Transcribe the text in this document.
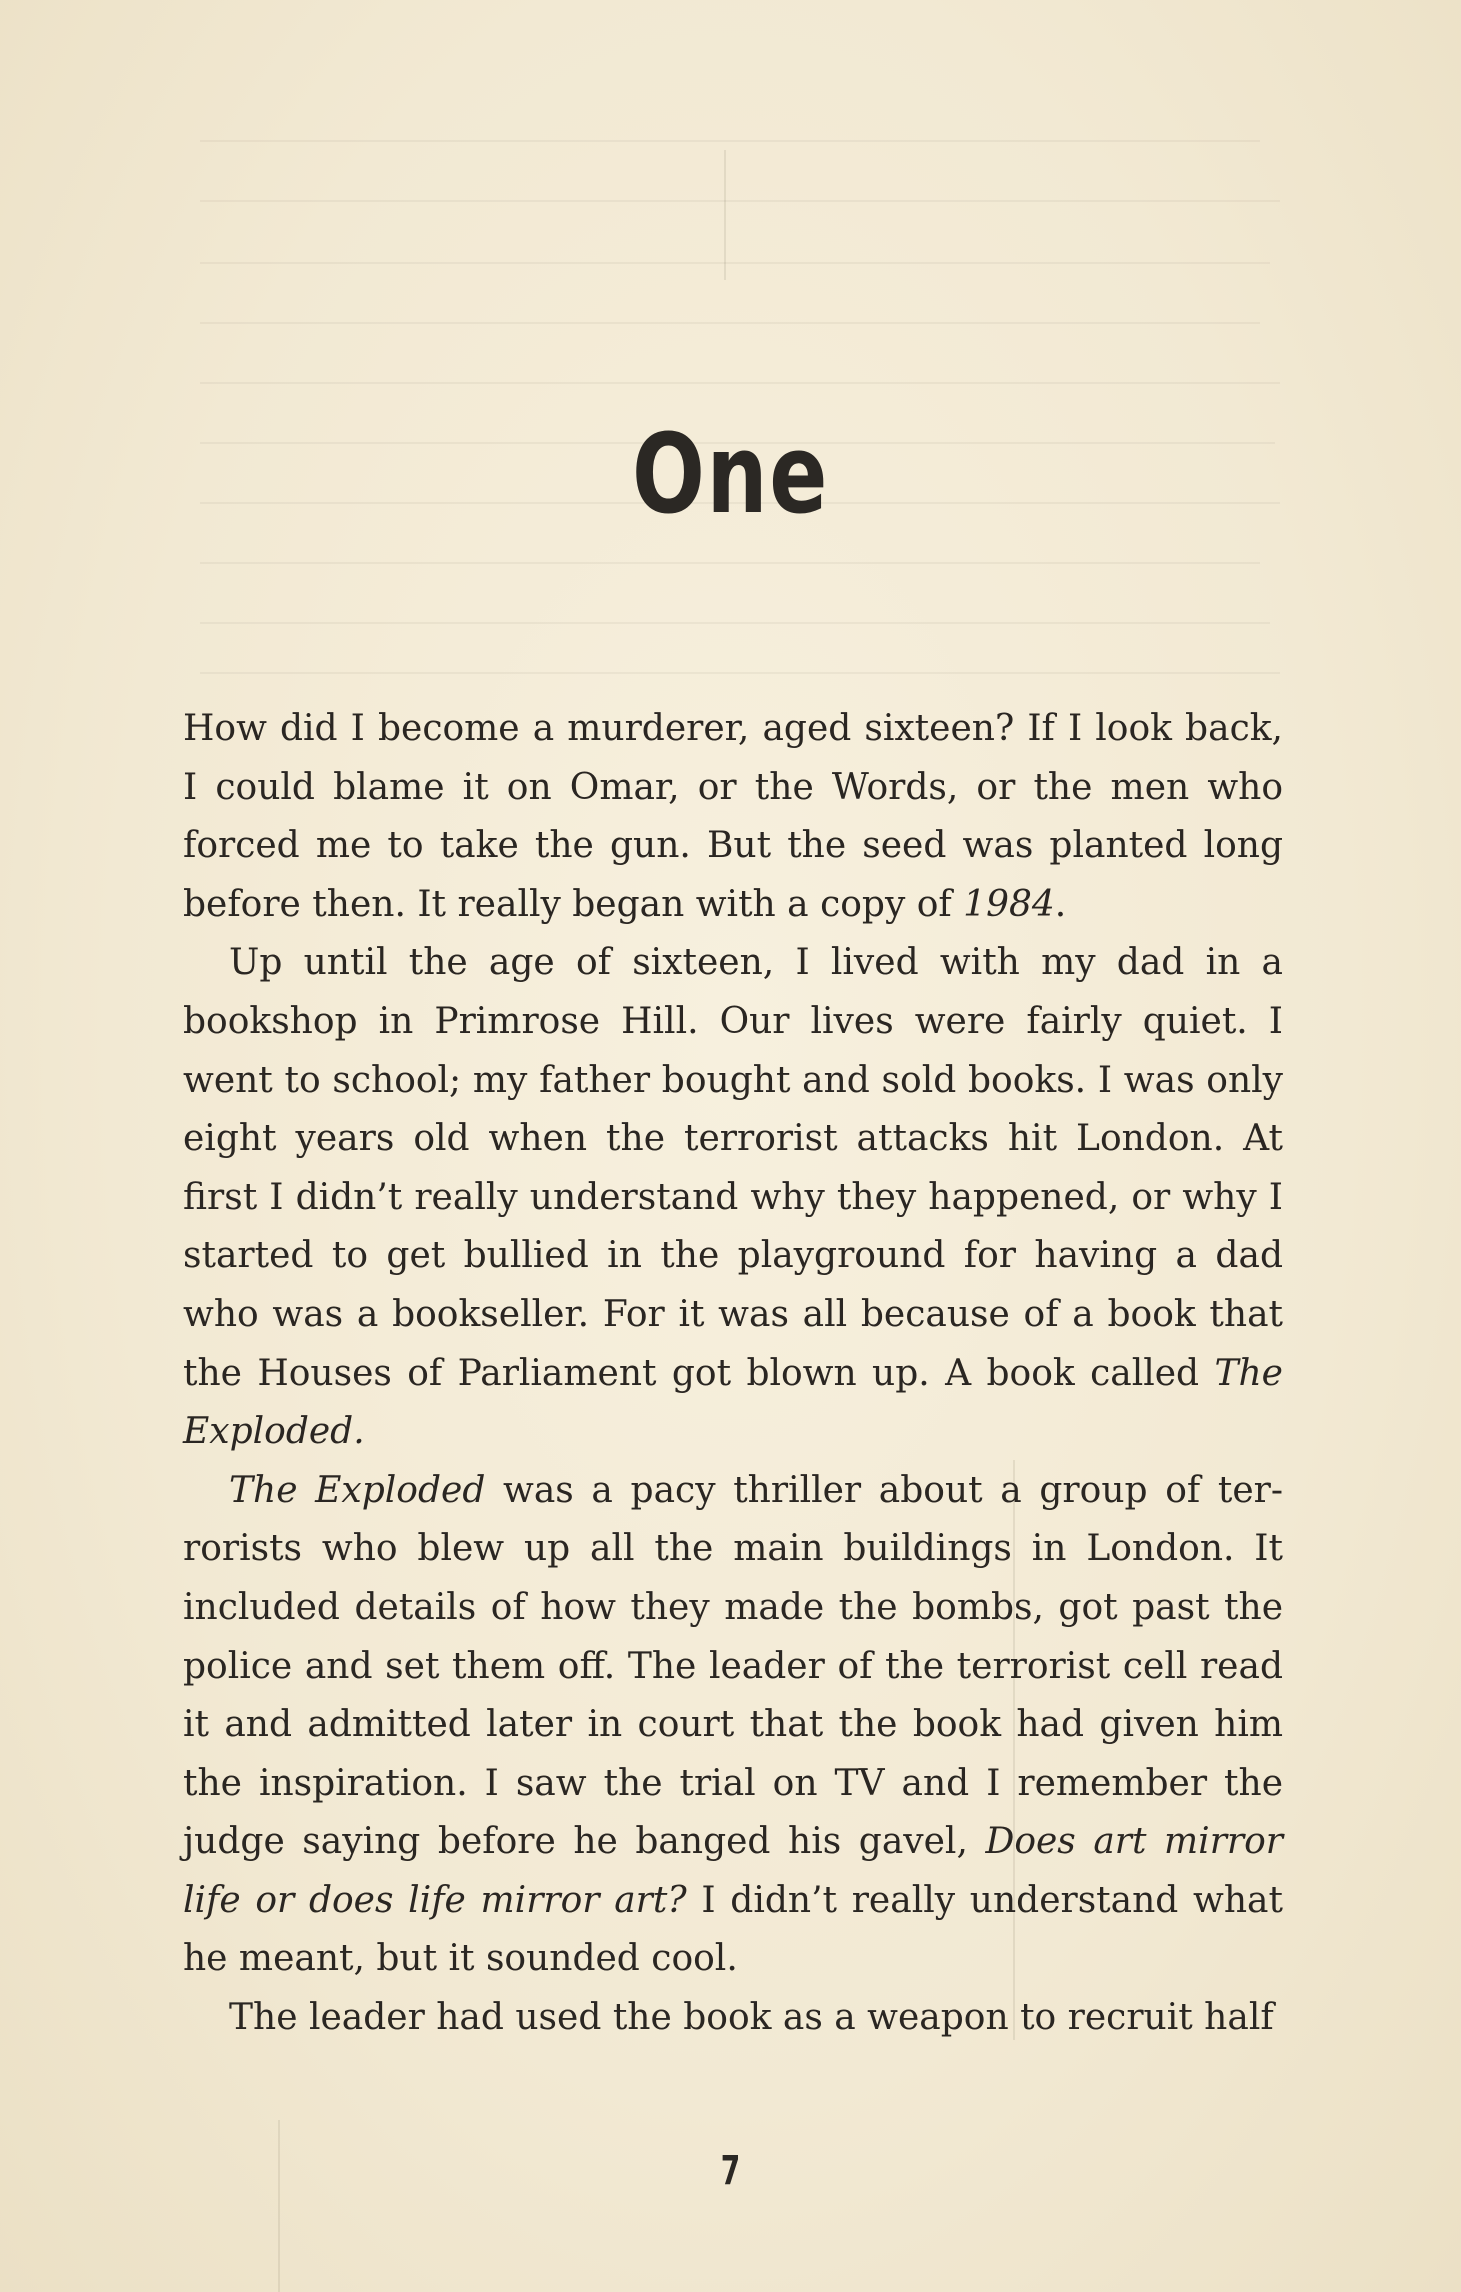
One

How did I become a murderer, aged sixteen? If I look back, I could blame it on Omar, or the Words, or the men who forced me to take the gun. But the seed was planted long before then. It really began with a copy of 1984.

Up until the age of sixteen, I lived with my dad in a bookshop in Primrose Hill. Our lives were fairly quiet. I went to school; my father bought and sold books. I was only eight years old when the terrorist attacks hit London. At first I didn’t really understand why they happened, or why I started to get bullied in the playground for having a dad who was a bookseller. For it was all because of a book that the Houses of Parliament got blown up. A book called The Exploded.

The Exploded was a pacy thriller about a group of terrorists who blew up all the main buildings in London. It included details of how they made the bombs, got past the police and set them off. The leader of the terrorist cell read it and admitted later in court that the book had given him the inspiration. I saw the trial on TV and I remember the judge saying before he banged his gavel, Does art mirror life or does life mirror art? I didn’t really understand what he meant, but it sounded cool.

The leader had used the book as a weapon to recruit half

7
